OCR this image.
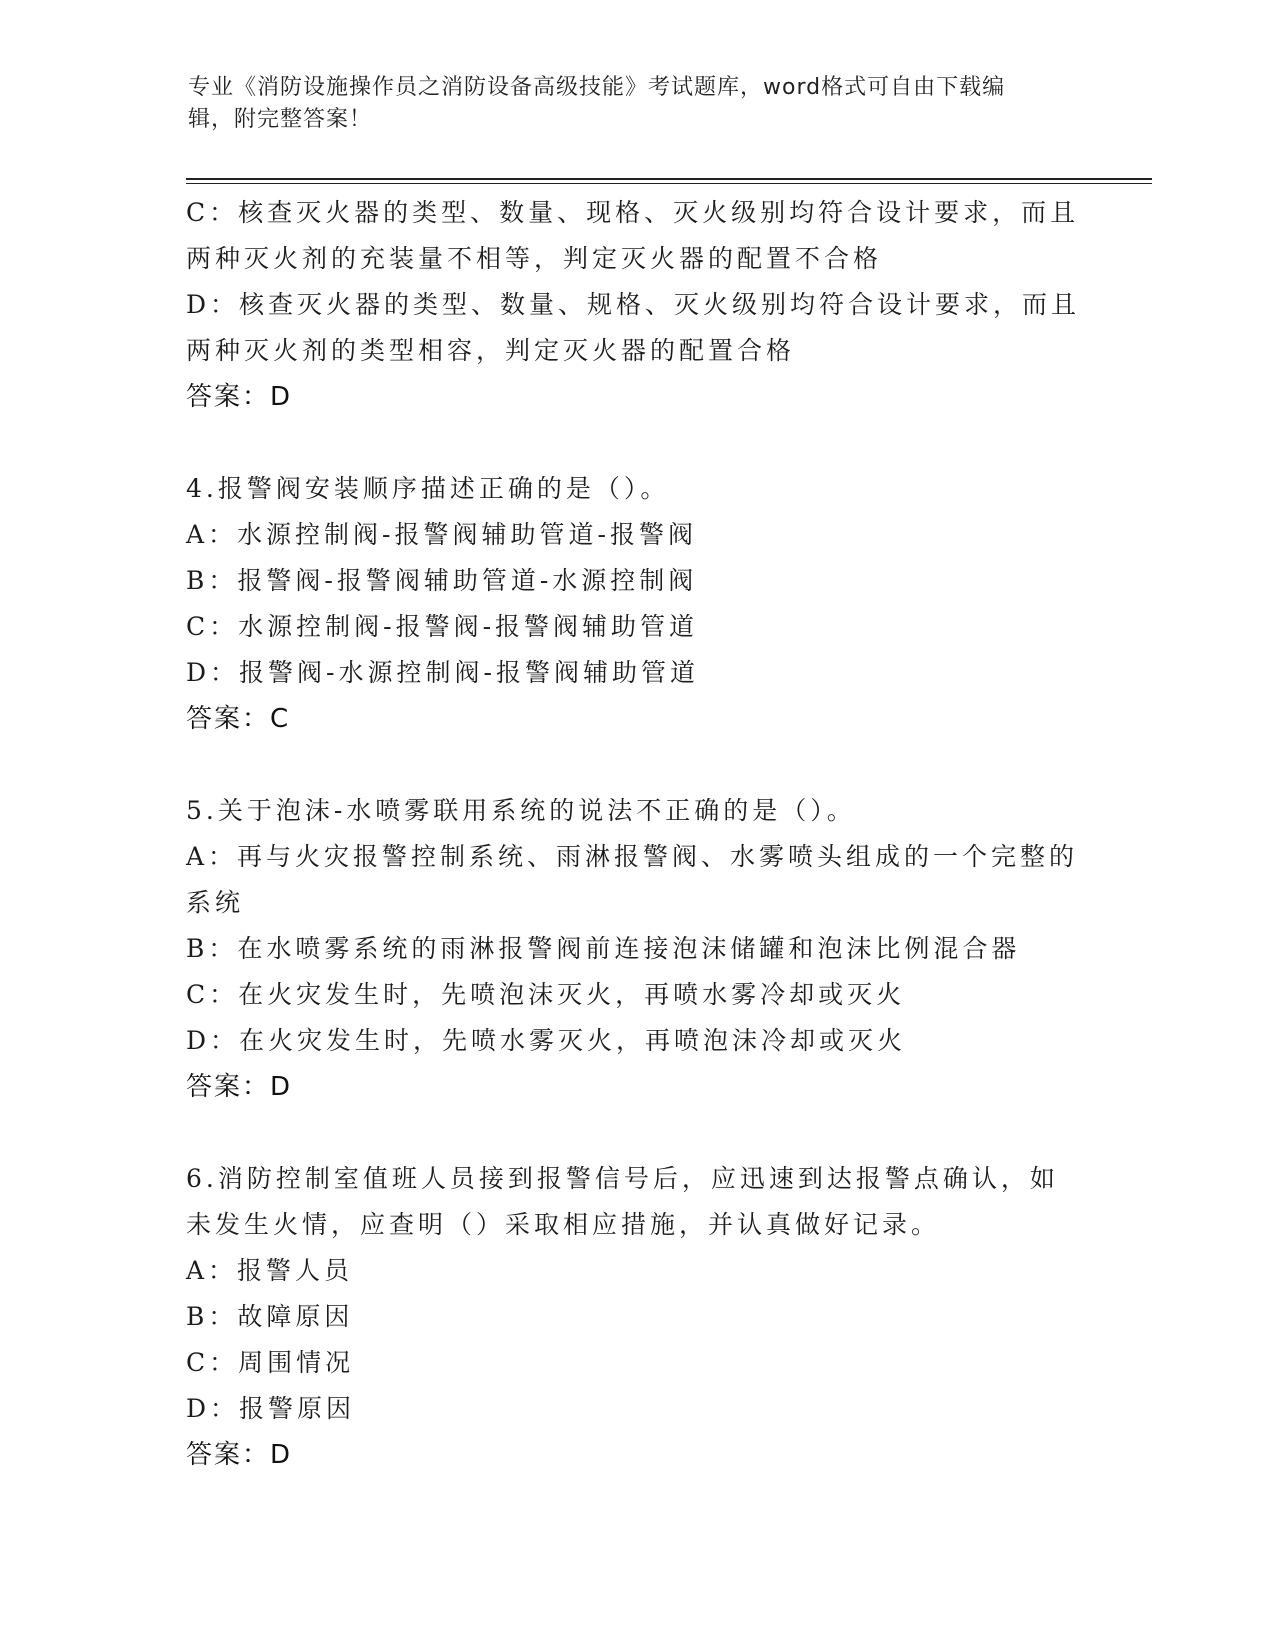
专业《消防设施操作员之消防设备高级技能》考试题库，word格式可自由下载编
辑，附完整答案！
C：核查灭火器的类型、数量、现格、灭火级别均符合设计要求，而且
两种灭火剂的充装量不相等，判定灭火器的配置不合格
D：核查灭火器的类型、数量、规格、灭火级别均符合设计要求，而且
两种灭火剂的类型相容，判定灭火器的配置合格
答案：D
4.报警阀安装顺序描述正确的是（）。
A：水源控制阀-报警阀辅助管道-报警阀
B：报警阀-报警阀辅助管道-水源控制阀
C：水源控制阀-报警阀-报警阀辅助管道
D：报警阀-水源控制阀-报警阀辅助管道
答案：C
5.关于泡沫-水喷雾联用系统的说法不正确的是（）。
A：再与火灾报警控制系统、雨淋报警阀、水雾喷头组成的一个完整的
系统
B：在水喷雾系统的雨淋报警阀前连接泡沫储罐和泡沫比例混合器
C：在火灾发生时，先喷泡沫灭火，再喷水雾冷却或灭火
D：在火灾发生时，先喷水雾灭火，再喷泡沫冷却或灭火
答案：D
6.消防控制室值班人员接到报警信号后，应迅速到达报警点确认，如
未发生火情，应查明（）采取相应措施，并认真做好记录。
A：报警人员
B：故障原因
C：周围情况
D：报警原因
答案：D
